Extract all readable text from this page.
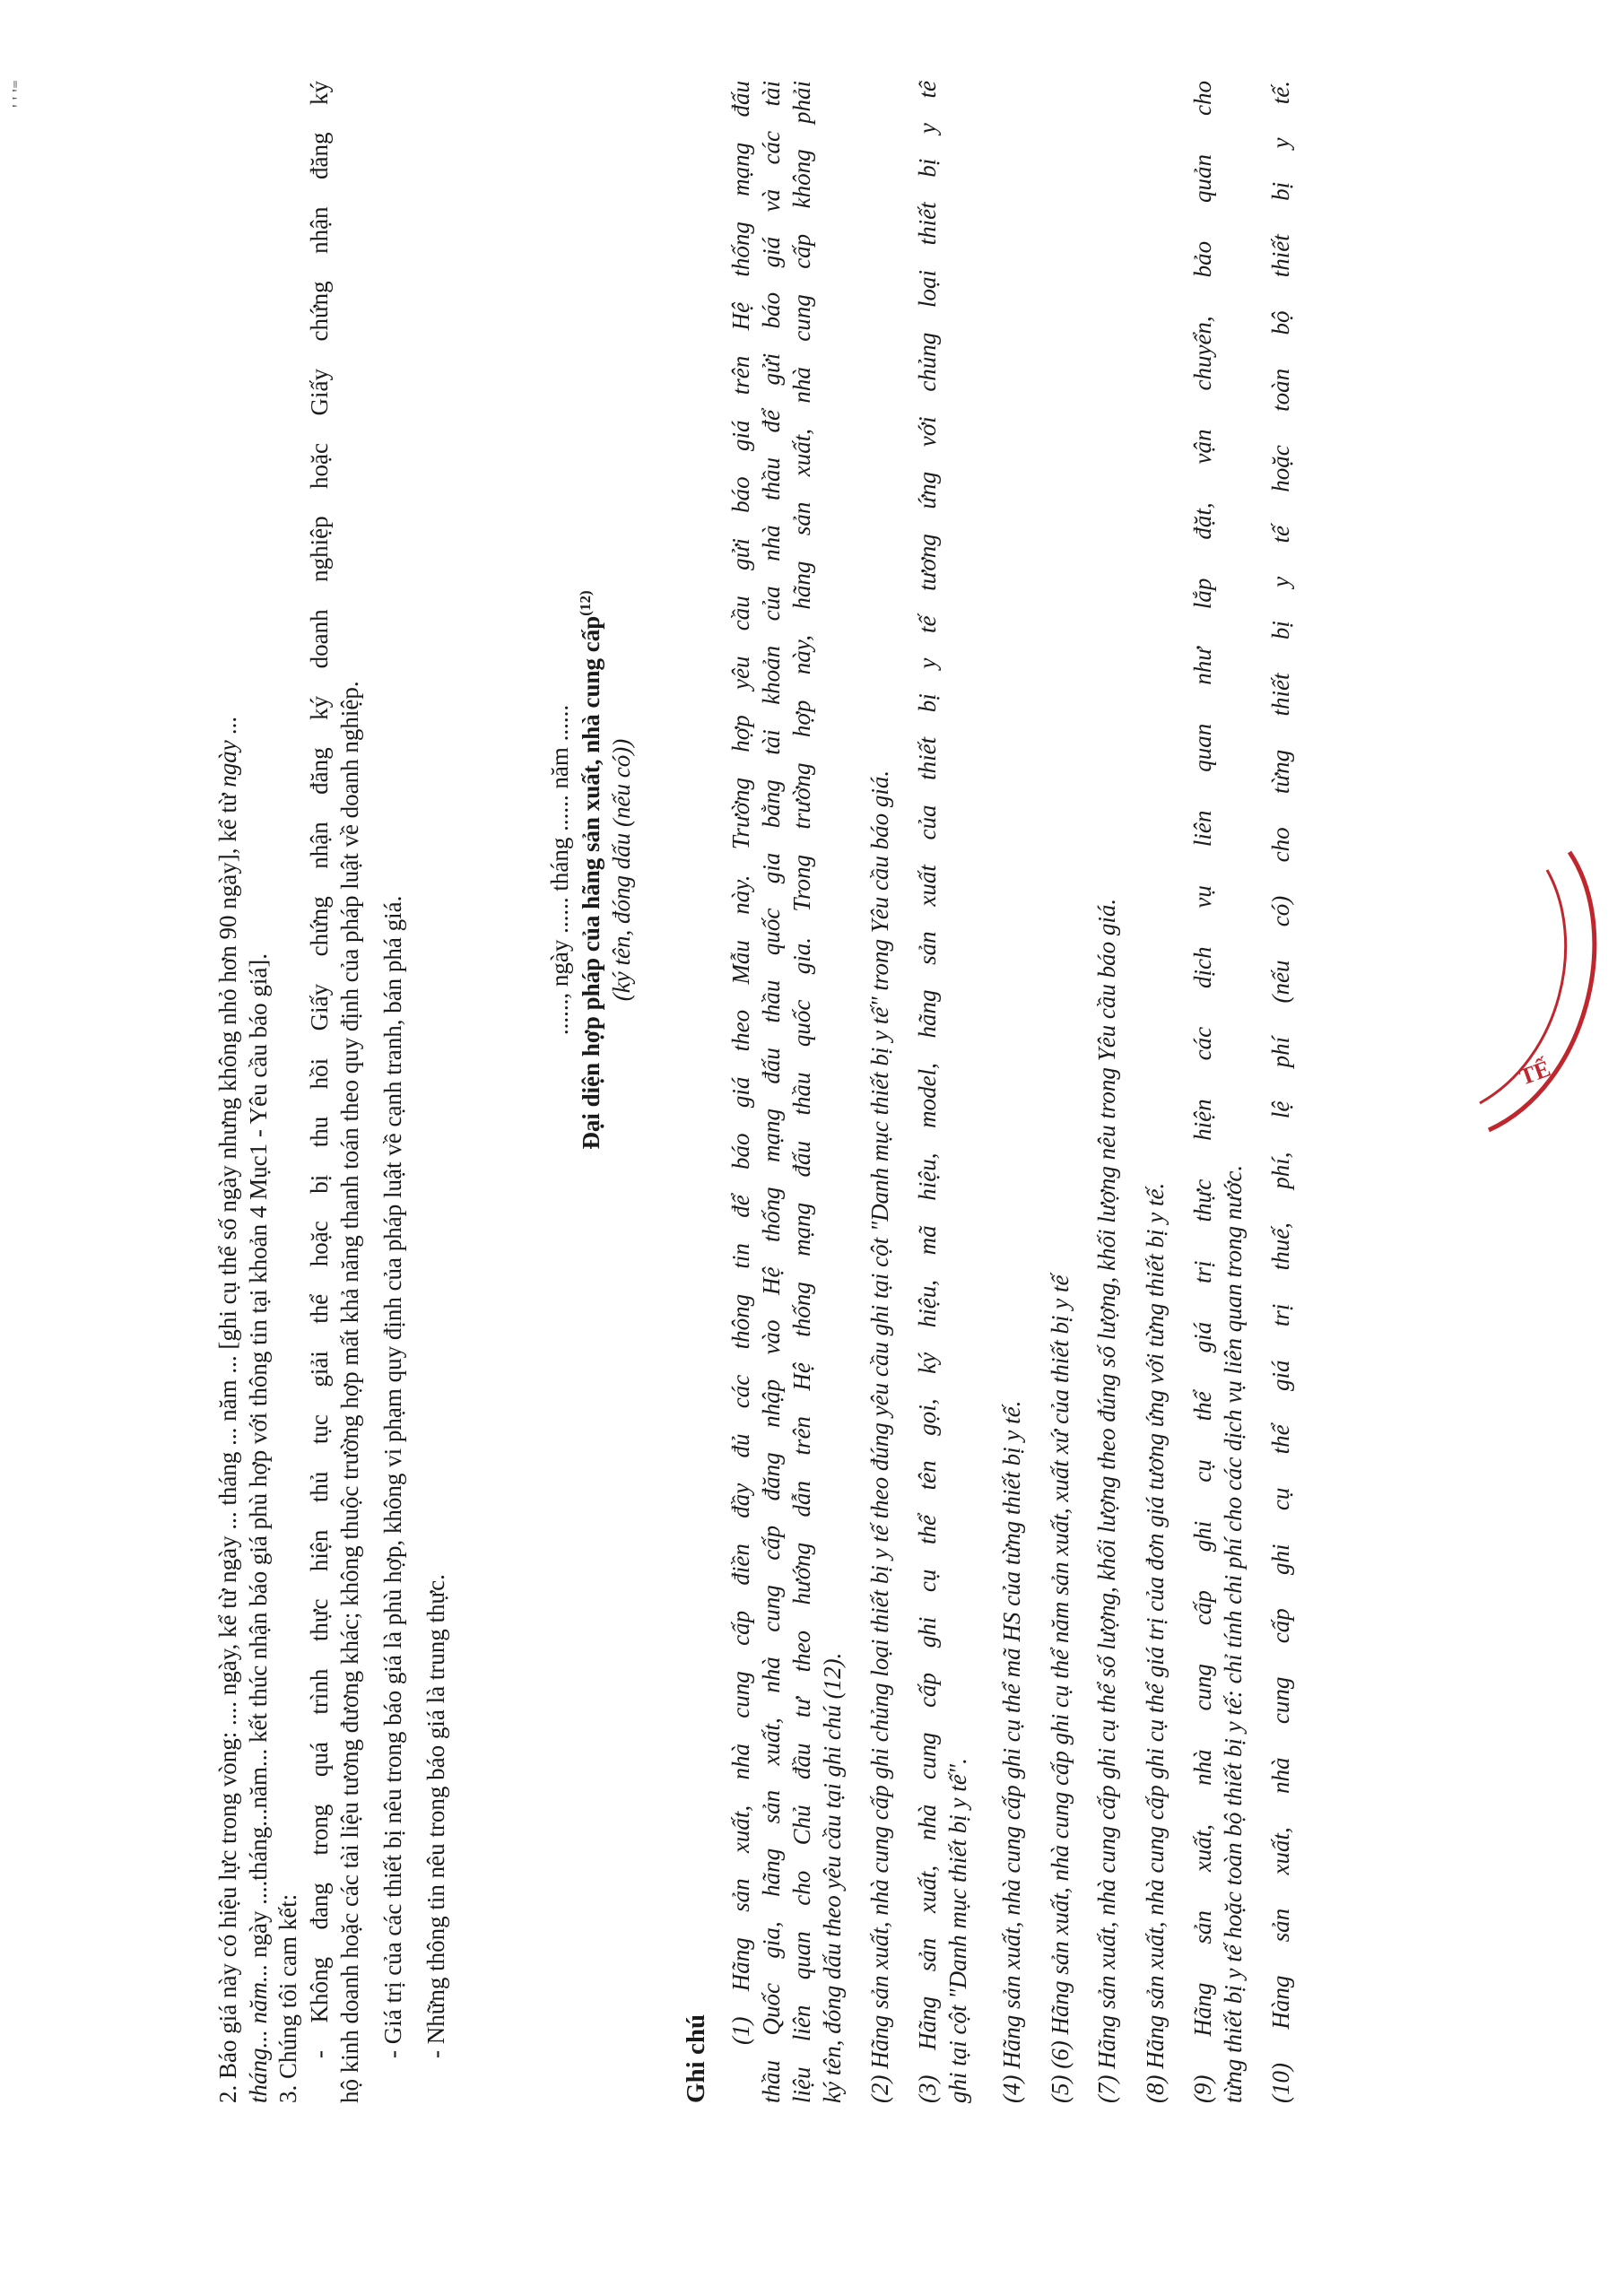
' ' '⁼
2. Báo giá này có hiệu lực trong vòng: .... ngày, kể từ ngày ... tháng ... năm ... [ghi cụ thể số ngày nhưng không nhỏ hơn 90 ngày], kể từ ngày ...
tháng... năm... ngày ....tháng...năm... kết thúc nhận báo giá phù hợp với thông tin tại khoản 4 Mục1 - Yêu cầu báo giá].
3. Chúng tôi cam kết: - Không đang trong quá trình thực hiện thủ tục giải thể hoặc bị thu hồi Giấy chứng nhận đăng ký doanh nghiệp hoặc Giấy chứng nhận đăng ký hộ kinh doanh hoặc các tài liệu tương đương khác; không thuộc trường hợp mất khả năng thanh toán theo quy định của pháp luật về doanh nghiệp. - Giá trị của các thiết bị nêu trong báo giá là phù hợp, không vi phạm quy định của pháp luật về cạnh tranh, bán phá giá. - Những thông tin nêu trong báo giá là trung thực.
......, ngày ...... tháng ...... năm ...... Đại diện hợp pháp của hãng sản xuất, nhà cung cấp$^{(12)}$
(ký tên, đóng dấu (nếu có))
Ghi chú
(1) Hãng sản xuất, nhà cung cấp điền đầy đủ các thông tin để báo giá theo Mẫu này. Trường hợp yêu cầu gửi báo giá trên Hệ thống mạng đấu thầu Quốc gia, hãng sản xuất, nhà cung cấp đăng nhập vào Hệ thống mạng đấu thầu quốc gia bằng tài khoản của nhà thầu để gửi báo giá và các tài liệu liên quan cho Chủ đầu tư theo hướng dẫn trên Hệ thống mạng đấu thầu quốc gia. Trong trường hợp này, hãng sản xuất, nhà cung cấp không phải ký tên, đóng dấu theo yêu cầu tại ghi chú (12). (2) Hãng sản xuất, nhà cung cấp ghi chủng loại thiết bị y tế theo đúng yêu cầu ghi tại cột "Danh mục thiết bị y tế" trong Yêu cầu báo giá. (3) Hãng sản xuất, nhà cung cấp ghi cụ thể tên gọi, ký hiệu, mã hiệu, model, hãng sản xuất của thiết bị y tế tương ứng với chủng loại thiết bị y tế ghi tại cột "Danh mục thiết bị y tế". (4) Hãng sản xuất, nhà cung cấp ghi cụ thể mã HS của từng thiết bị y tế. (5) (6) Hãng sản xuất, nhà cung cấp ghi cụ thể năm sản xuất, xuất xứ của thiết bị y tế (7) Hãng sản xuất, nhà cung cấp ghi cụ thể số lượng, khối lượng theo đúng số lượng, khối lượng nêu trong Yêu cầu báo giá. (8) Hãng sản xuất, nhà cung cấp ghi cụ thể giá trị của đơn giá tương ứng với từng thiết bị y tế. (9) Hãng sản xuất, nhà cung cấp ghi cụ thể giá trị thực hiện các dịch vụ liên quan như lắp đặt, vận chuyển, bảo quản cho từng thiết bị y tế hoặc toàn bộ thiết bị y tế: chỉ tính chi phí cho các dịch vụ liên quan trong nước. (10) Hàng sản xuất, nhà cung cấp ghi cụ thể giá trị thuế, phí, lệ phí (nếu có) cho từng thiết bị y tế hoặc toàn bộ thiết bị y tế.	TẾ
